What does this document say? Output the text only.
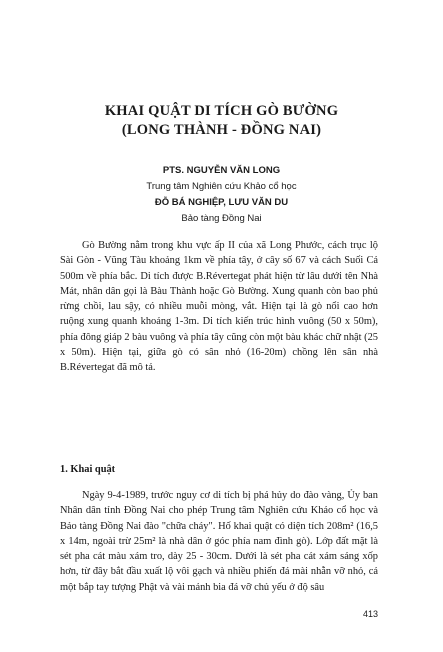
KHAI QUẬT DI TÍCH GÒ BƯỜNG
(LONG THÀNH - ĐỒNG NAI)
PTS. NGUYỄN VĂN LONG
Trung tâm Nghiên cứu Khảo cổ học
ĐỖ BÁ NGHIỆP, LƯU VĂN DU
Bảo tàng Đồng Nai

Gò Bường nằm trong khu vực ấp II của xã Long Phước, cách trục lộ Sài Gòn - Vũng Tàu khoảng 1km về phía tây, ở cây số 67 và cách Suối Cả 500m về phía bắc. Di tích được B.Révertegat phát hiện từ lâu dưới tên Nhà Mát, nhân dân gọi là Bàu Thành hoặc Gò Bường. Xung quanh còn bao phủ rừng chồi, lau sậy, có nhiều muỗi mòng, vắt. Hiện tại là gò nổi cao hơn ruộng xung quanh khoảng 1-3m. Di tích kiến trúc hình vuông (50 x 50m), phía đông giáp 2 bàu vuông và phía tây cũng còn một bàu khác chữ nhật (25 x 50m). Hiện tại, giữa gò có sân nhỏ (16-20m) chồng lên sân nhà B.Révertegat đã mô tả.

1. Khai quật

Ngày 9-4-1989, trước nguy cơ di tích bị phá hủy do đào vàng, Ủy ban Nhân dân tỉnh Đồng Nai cho phép Trung tâm Nghiên cứu Khảo cổ học và Bảo tàng Đồng Nai đào "chữa cháy". Hố khai quật có diện tích 208m² (16,5 x 14m, ngoài trừ 25m² là nhà dân ở góc phía nam đình gò). Lớp đất mặt là sét pha cát màu xám tro, dày 25 - 30cm. Dưới là sét pha cát xám sáng xốp hơn, từ đây bắt đầu xuất lộ vôi gạch và nhiều phiến đá mài nhẵn vỡ nhỏ, cả một bắp tay tượng Phật và vài mảnh bia đá vỡ chủ yếu ở độ sâu

413
